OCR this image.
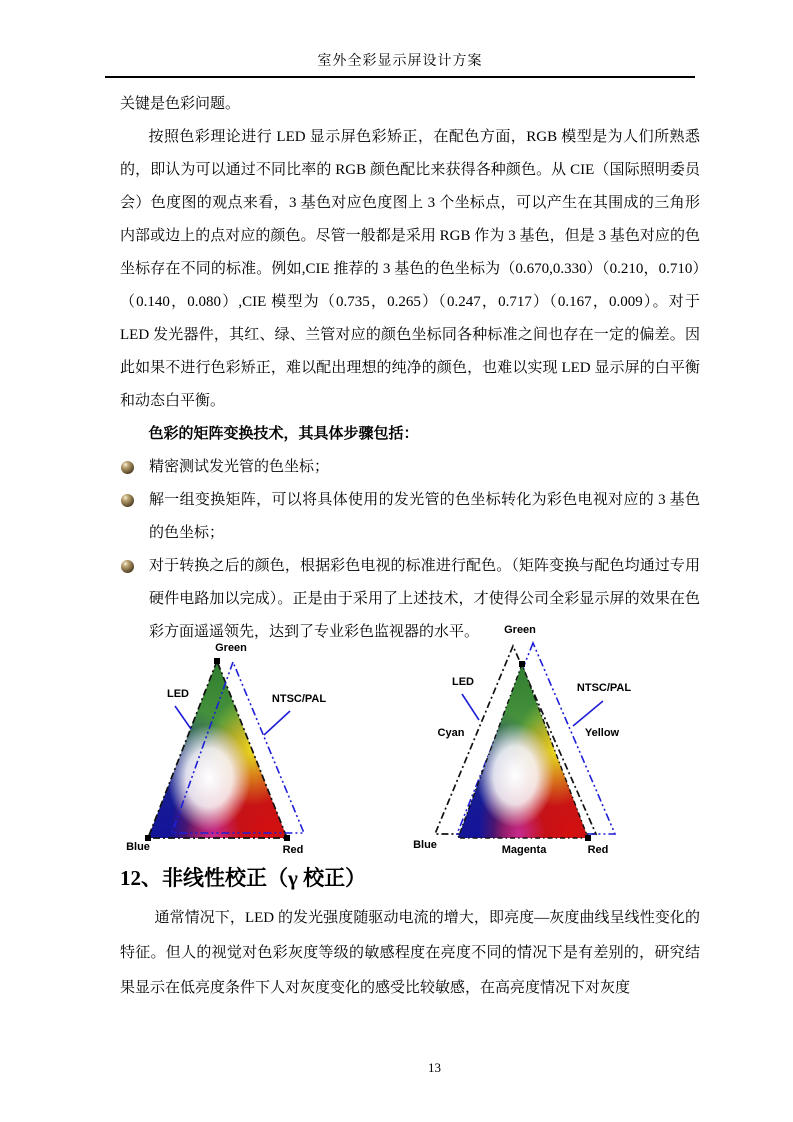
室外全彩显示屏设计方案

关键是色彩问题。

按照色彩理论进行 LED 显示屏色彩矫正，在配色方面，RGB 模型是为人们所熟悉的，即认为可以通过不同比率的 RGB 颜色配比来获得各种颜色。从 CIE（国际照明委员会）色度图的观点来看，3 基色对应色度图上 3 个坐标点，可以产生在其围成的三角形内部或边上的点对应的颜色。尽管一般都是采用 RGB 作为 3 基色，但是 3 基色对应的色坐标存在不同的标准。例如,CIE 推荐的 3 基色的色坐标为（0.670,0.330）（0.210，0.710）（0.140，0.080）,CIE 模型为（0.735，0.265）（0.247，0.717）（0.167，0.009）。对于 LED 发光器件，其红、绿、兰管对应的颜色坐标同各种标准之间也存在一定的偏差。因此如果不进行色彩矫正，难以配出理想的纯净的颜色，也难以实现 LED 显示屏的白平衡和动态白平衡。

色彩的矩阵变换技术，其具体步骤包括：

精密测试发光管的色坐标；
解一组变换矩阵，可以将具体使用的发光管的色坐标转化为彩色电视对应的 3 基色的色坐标；
对于转换之后的颜色，根据彩色电视的标准进行配色。（矩阵变换与配色均通过专用硬件电路加以完成）。正是由于采用了上述技术，才使得公司全彩显示屏的效果在色彩方面遥遥领先，达到了专业彩色监视器的水平。
Green
LED	NTSC/PAL
Blue	Red
Green
LED	NTSC/PAL
Cyan	Yellow
Blue	Magenta	Red
12、非线性校正（γ 校正）

通常情况下，LED 的发光强度随驱动电流的增大，即亮度—灰度曲线呈线性变化的特征。但人的视觉对色彩灰度等级的敏感程度在亮度不同的情况下是有差别的，研究结果显示在低亮度条件下人对灰度变化的感受比较敏感，在高亮度情况下对灰度

13
